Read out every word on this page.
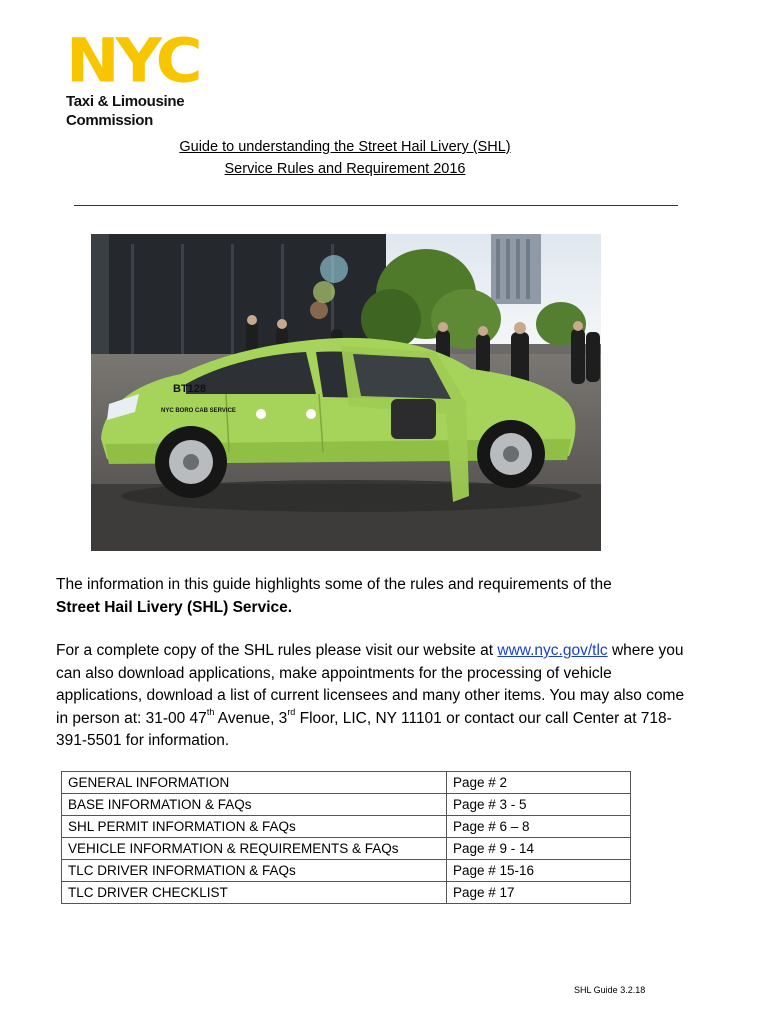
NYC
Taxi & Limousine
Commission
Guide to understanding the Street Hail Livery (SHL)
Service Rules and Requirement 2016
BT128
NYC BORO CAB SERVICE
The information in this guide highlights some of the rules and requirements of the
Street Hail Livery (SHL) Service.
For a complete copy of the SHL rules please visit our website at www.nyc.gov/tlc where you can also download applications, make appointments for the processing of vehicle applications, download a list of current licensees and many other items. You may also come in person at: 31-00 47th Avenue, 3rd Floor, LIC, NY 11101 or contact our call Center at 718-391-5501 for information.
GENERAL INFORMATION	Page # 2
BASE INFORMATION & FAQs	Page # 3 - 5
SHL PERMIT INFORMATION & FAQs	Page # 6 – 8
VEHICLE INFORMATION & REQUIREMENTS & FAQs	Page # 9 - 14
TLC DRIVER INFORMATION & FAQs	Page # 15-16
TLC DRIVER CHECKLIST	Page # 17
SHL Guide 3.2.18
